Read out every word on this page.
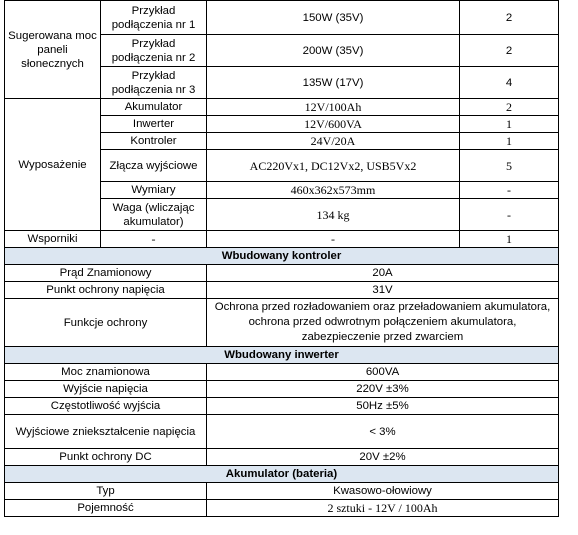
Sugerowana moc paneli słonecznych	Przykład podłączenia nr 1	150W (35V)	2
	Przykład podłączenia nr 2	200W (35V)	2
	Przykład podłączenia nr 3	135W (17V)	4
Wyposażenie	Akumulator	12V/100Ah	2
	Inwerter	12V/600VA	1
	Kontroler	24V/20A	1
	Złącza wyjściowe	AC220Vx1, DC12Vx2, USB5Vx2	5
	Wymiary	460x362x573mm	-
	Waga (wliczając akumulator)	134 kg	-
Wsporniki	-	-	1
Wbudowany kontroler			
Prąd Znamionowy		20A	
Punkt ochrony napięcia		31V	
Funkcje ochrony		Ochrona przed rozładowaniem oraz przeładowaniem akumulatora, ochrona przed odwrotnym połączeniem akumulatora, zabezpieczenie przed zwarciem	
Wbudowany inwerter			
Moc znamionowa		600VA	
Wyjście napięcia		220V ±3%	
Częstotliwość wyjścia		50Hz ±5%	
Wyjściowe zniekształcenie napięcia		< 3%	
Punkt ochrony DC		20V ±2%	
Akumulator (bateria)			
Typ		Kwasowo-ołowiowy	
Pojemność		2 sztuki - 12V / 100Ah	
